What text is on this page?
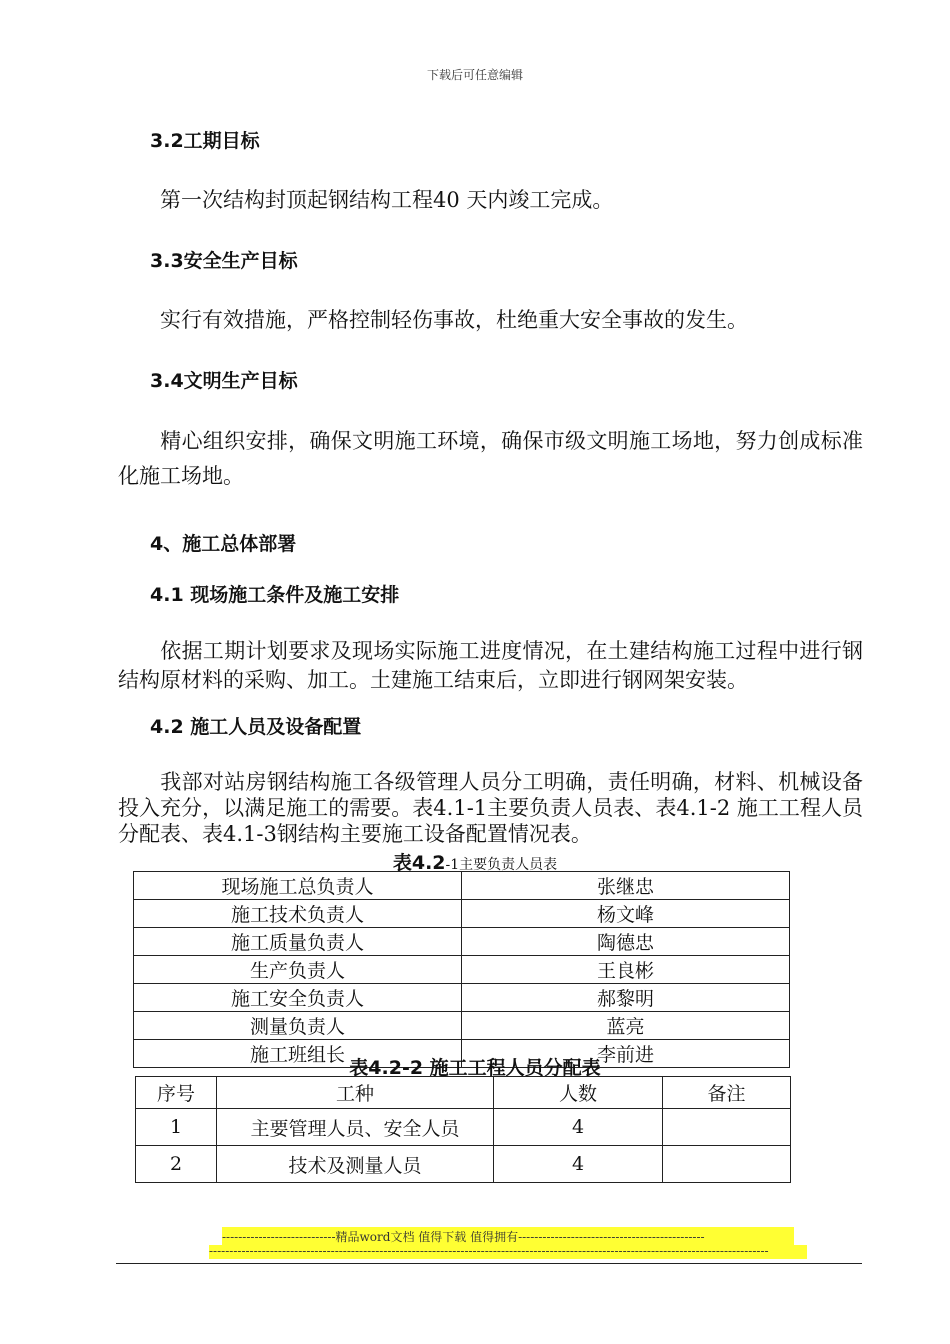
下载后可任意编辑
3.2工期目标
第一次结构封顶起钢结构工程40 天内竣工完成。
3.3安全生产目标
实行有效措施，严格控制轻伤事故，杜绝重大安全事故的发生。
3.4文明生产目标
精心组织安排，确保文明施工环境，确保市级文明施工场地，努力创成标准化施工场地。
4、施工总体部署
4.1 现场施工条件及施工安排
依据工期计划要求及现场实际施工进度情况，在土建结构施工过程中进行钢结构原材料的采购、加工。土建施工结束后，立即进行钢网架安装。
4.2 施工人员及设备配置
我部对站房钢结构施工各级管理人员分工明确，责任明确，材料、机械设备投入充分，以满足施工的需要。表4.1-1主要负责人员表、表4.1-2 施工工程人员分配表、表4.1-3钢结构主要施工设备配置情况表。
表4.2-1主要负责人员表
现场施工总负责人	张继忠
施工技术负责人	杨文峰
施工质量负责人	陶德忠
生产负责人	王良彬
施工安全负责人	郝黎明
测量负责人	蓝亮
施工班组长	李前进
表4.2-2 施工工程人员分配表
序号	工种	人数	备注
1	主要管理人员、安全人员	4	
2	技术及测量人员	4	
----------------------------精品word文档 值得下载 值得拥有----------------------------------------------
------------------------------------------------------------------------------------------------------------------------------------------
